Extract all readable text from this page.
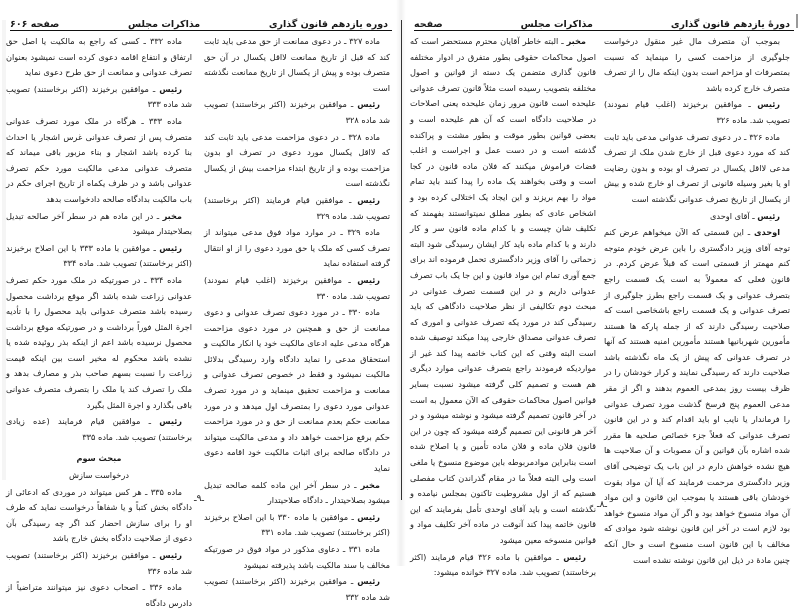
دوره یازدهم قانون گذاری
مذاکرات مجلس
صفحه ۶۰۶

ماده ۳۲۷ ـ در دعوی ممانعت از حق مدعی باید ثابت کند که قبل از تاریخ ممانعت لااقل یکسال در آن حق متصرف بوده و پیش از یکسال از تاریخ ممانعت نگذشته است

رئیس ـ موافقین برخیزند (اکثر برخاستند) تصویب شد ماده ۳۲۸

ماده ۳۲۸ ـ در دعوی مزاحمت مدعی باید ثابت کند که لااقل یکسال مورد دعوی در تصرف او بدون مزاحمت بوده و از تاریخ ابتداء مزاحمت بیش از یکسال نگذشته است

رئیس ـ موافقین قیام فرمایند (اکثر برخاستند) تصویب شد. ماده ۳۲۹

ماده ۳۲۹ ـ در موارد مواد فوق مدعی میتواند از تصرف کسی که ملک یا حق مورد دعوی را از او انتقال گرفته استفاده نماید

رئیس ـ موافقین برخیزند (اغلب قیام نمودند) تصویب شد. ماده ۳۳۰

ماده ۳۳۰ ـ در مورد دعوی تصرف عدوانی و دعوی ممانعت از حق و همچنین در مورد دعوی مزاحمت هرگاه مدعی علیه ادعای مالکیت خود یا انکار مالکیت و استحقاق مدعی را نماید دادگاه وارد رسیدگی بدلائل مالکیت نمیشود و فقط در خصوص تصرف عدوانی و ممانعت و مزاحمت تحقیق مینماید و در مورد تصرف عدوانی مورد دعوی را بمتصرف اول میدهد و در مورد ممانعت حکم بعدم ممانعت از حق و در مورد مزاحمت حکم برفع مزاحمت خواهد داد و مدعی مالکیت میتواند در دادگاه صالحه برای اثبات مالکیت خود اقامه دعوی نماید

مخبر ـ در سطر آخر این ماده کلمه صالحه تبدیل میشود بصلاحیتدار ـ دادگاه صلاحیتدار

رئیس ـ موافقین با ماده ۳۳۰ با این اصلاح برخیزند (اکثر برخاستند) تصویب شد. ماده ۳۳۱

ماده ۳۳۱ ـ دعاوی مذکور در مواد فوق در صورتیکه مخالف با سند مالکیت باشد پذیرفته نمیشود

رئیس ـ موافقین برخیزند (اکثر برخاستند) تصویب شد ماده ۳۳۲

ماده ۳۳۲ ـ کسی که راجع به مالکیت یا اصل حق ارتفاق و انتفاع اقامه دعوی کرده است نمیشود بعنوان تصرف عدوانی و ممانعت از حق طرح دعوی نماید

رئیس ـ موافقین برخیزند (اکثر برخاستند) تصویب شد ماده ۳۳۳

ماده ۳۳۳ ـ هرگاه در ملک مورد تصرف عدوانی متصرف پس از تصرف عدوانی غرس اشجار یا احداث بنا کرده باشد اشجار و بناء مزبور باقی میماند که متصرف عدوانی مدعی مالکیت مورد حکم تصرف عدوانی باشد و در ظرف یکماه از تاریخ اجرای حکم در باب مالکیت بدادگاه صالحه دادخواست بدهد

مخبر ـ در این ماده هم در سطر آخر صالحه تبدیل بصلاحیتدار میشود

رئیس ـ موافقین با ماده ۳۳۳ با این اصلاح برخیزند (اکثر برخاستند) تصویب شد. ماده ۳۳۴

ماده ۳۳۴ ـ در صورتیکه در ملک مورد حکم تصرف عدوانی زراعت شده باشد اگر موقع برداشت محصول رسیده باشد متصرف عدوانی باید محصول را با تأدیه اجرة المثل فوراً برداشت و در صورتیکه موقع برداشت محصول نرسیده باشد اعم از اینکه بذر روئیده شده یا نشده باشد محکوم له مخیر است بین اینکه قیمت زراعت را نسبت بسهم صاحب بذر و مصارف بدهد و ملک را تصرف کند یا ملک را بتصرف متصرف عدوانی باقی بگذارد و اجرة المثل بگیرد

رئیس ـ موافقین قیام فرمایند (عده زیادی برخاستند) تصویب شد. ماده ۳۳۵

مبحث سوم

درخواست سازش

ماده ۳۳۵ ـ هر کس میتواند در موردی که ادعائی از دادگاه بخش کتباً و یا شفاهاً درخواست نماید که طرف او را برای سازش احضار کند اگر چه رسیدگی بآن دعوی از صلاحیت دادگاه بخش خارج باشد

رئیس ـ موافقین برخیزند (اکثر برخاستند) تصویب شد ماده ۳۳۶

ماده ۳۳۶ ـ اصحاب دعوی نیز میتوانند متراضیاً از دادرس دادگاه

ـ۹ـ
دورهٔ یازدهم قانون گذاری
مذاکرات مجلس
صفحه

بموجب آن متصرف مال غیر منقول درخواست جلوگیری از مزاحمت کسی را مینماید که نسبت بمتصرفات او مزاحم است بدون اینکه مال را از تصرف متصرف خارج کرده باشد

رئیس ـ موافقین برخیزند (اغلب قیام نمودند) تصویب شد. ماده ۳۲۶

ماده ۳۲۶ ـ در دعوی تصرف عدوانی مدعی باید ثابت کند که مورد دعوی قبل از خارج شدن ملک از تصرف مدعی لااقل یکسال در تصرف او بوده و بدون رضایت او یا بغیر وسیله قانونی از تصرف او خارج شده و بیش از یکسال از تاریخ تصرف عدوانی نگذشته است

رئیس ـ آقای اوحدی

اوحدی ـ این قسمتی که الآن میخواهم عرض کنم توجه آقای وزیر دادگستری را باین عرض خودم متوجه کنم مهمتر از قسمتی است که قبلاً عرض کردم. در قانون فعلی که معمولاً به است یک قسمت راجع بتصرف عدوانی و یک قسمت راجع بطرز جلوگیری از تصرف عدوانی و یک قسمت راجع باشخاصی است که صلاحیت رسیدگی دارند که از جمله پارکه ها هستند مأمورین شهربانیها هستند مأمورین امنیه هستند که آنها در تصرف عدوانی که پیش از یک ماه نگذشته باشد صلاحیت دارند که رسیدگی نمایند و کرار خودشان را در ظرف بیست روز بمدعی العموم بدهند و اگر از مقر مدعی العموم پنج فرسخ گذشت مورد تصرف عدوانی را فرماندار یا نایب او باید اقدام کند و در این قانون تصرف عدوانی که فعلاً جزء خصائص صلحیه ها مقرر شده اشاره بآن قوانین و آن مصوبات و آن صلاحیت ها هیچ نشده خواهش دارم در این باب یک توضیحی آقای وزیر دادگستری مرحمت فرمایند که آیا آن مواد بقوت خودشان باقی هستند یا بموجب این قانون و این مواد آن مواد منسوخ خواهد بود و اگر آن مواد منسوخ خواهد بود لازم است در آخر این قانون نوشته شود موادی که مخالف با این قانون است منسوخ است و حال آنکه چنین مادهٔ در ذیل این قانون نوشته نشده است

مخبر ـ البته خاطر آقایان محترم مستحضر است که اصول محاکمات حقوقی بطور متفرق در ادوار مختلفه قانون گذاری متضمن یک دسته از قوانین و اصول مختلفه بتصویب رسیده است مثلاً قانون تصرف عدوانی علیحده است قانون مرور زمان علیحده یعنی اصلاحات در صلاحیت دادگاه است که آن هم علیحده است و بعضی قوانین بطور موقت و بطور مشتت و پراکنده گذشته است و در دست عمل و اجراست و اغلب قضات فراموش میکنند که فلان ماده قانون در کجا است و وقتی بخواهند یک ماده را پیدا کنند باید تمام مواد را بهم بریزند و این ایجاد یک اختلالی کرده بود و اشخاص عادی که بطور مطلق نمیتوانستند بفهمند که تکلیف شان چیست و با کدام ماده قانون سر و کار دارند و با کدام ماده باید کار ایشان رسیدگی شود البته زحماتی را آقای وزیر دادگستری تحمل فرموده اند برای جمع آوری تمام این مواد قانون و این جا یک باب تصرف عدوانی داریم و در این قسمت تصرف عدوانی در مبحث دوم تکالیفی از نظر صلاحیت دادگاهی که باید رسیدگی کند در مورد یکه تصرف عدوانی و اموری که تصرف عدوانی مصداق خارجی پیدا میکند توصیف شده است البته وقتی که این کتاب خاتمه پیدا کند غیر از مواردیکه فرمودند راجع بتصرف عدوانی موارد دیگری هم هست و تصمیم کلی گرفته میشود نسبت بسایر قوانین اصول محاکمات حقوقی که الآن معمول به است در آخر قانون تصمیم گرفته میشود و نوشته میشود و در آخر هر قانونی این تصمیم گرفته میشود که چون در این قانون فلان ماده و فلان ماده تأمین و یا اصلاح شده است بنابراین موادمربوطه باین موضوع منسوخ یا ملغی است ولی البته فعلاً ما در مقام گذراندن کتاب مفصلی هستیم که از اول مشروطیت تاکنون بمجلس نیامده و نگذشته است و باید آقای اوحدی تأمل بفرمایند که این قانون خاتمه پیدا کند آنوقت در ماده آخر تکلیف مواد و قوانین منسوخه معین میشود

رئیس ـ موافقین با ماده ۳۲۶ قیام فرمایند (اکثر برخاستند) تصویب شد. ماده ۳۲۷ خوانده میشود:

ـ۸ـ
